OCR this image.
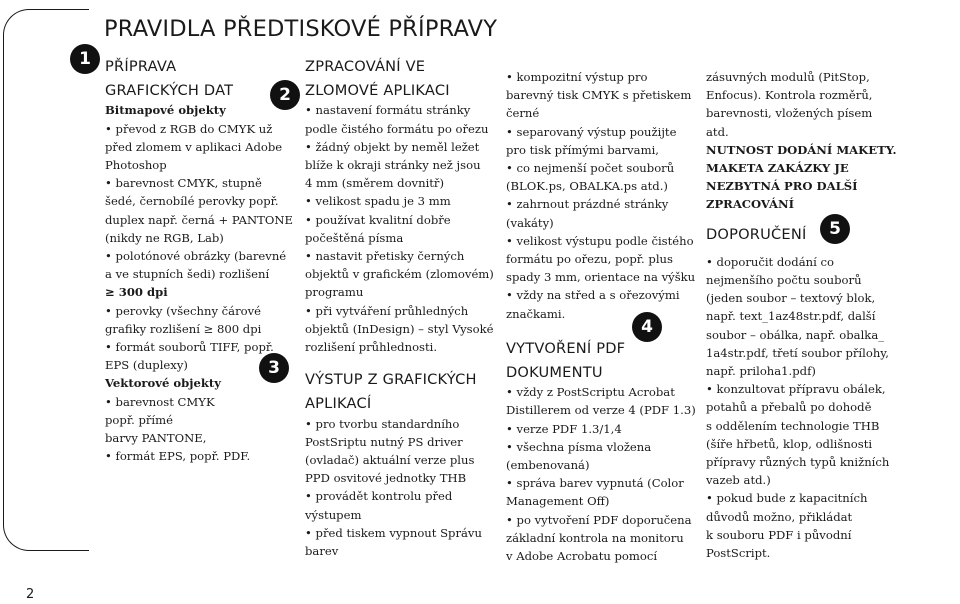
PRAVIDLA PŘEDTISKOVÉ PŘÍPRAVY
1
2
3
4
5
PŘÍPRAVA
GRAFICKÝCH DAT
Bitmapové objekty
• převod z RGB do CMYK už
před zlomem v aplikaci Adobe
Photoshop
• barevnost CMYK, stupně
šedé, černobílé perovky popř.
duplex např. černá + PANTONE
(nikdy ne RGB, Lab)
• polotónové obrázky (barevné
a ve stupních šedi) rozlišení
≥ 300 dpi
• perovky (všechny čárové
grafiky rozlišení ≥ 800 dpi
• formát souborů TIFF, popř.
EPS (duplexy)
Vektorové objekty
• barevnost CMYK
popř. přímé
barvy PANTONE,
• formát EPS, popř. PDF.
ZPRACOVÁNÍ VE
ZLOMOVÉ APLIKACI
• nastavení formátu stránky
podle čistého formátu po ořezu
• žádný objekt by neměl ležet
blíže k okraji stránky než jsou
4 mm (směrem dovnitř)
• velikost spadu je 3 mm
• používat kvalitní dobře
počeštěná písma
• nastavit přetisky černých
objektů v grafickém (zlomovém)
programu
• při vytváření průhledných
objektů (InDesign) – styl Vysoké
rozlišení průhlednosti.
VÝSTUP Z GRAFICKÝCH
APLIKACÍ
• pro tvorbu standardního
PostSriptu nutný PS driver
(ovladač) aktuální verze plus
PPD osvitové jednotky THB
• provádět kontrolu před
výstupem
• před tiskem vypnout Správu
barev
• kompozitní výstup pro
barevný tisk CMYK s přetiskem
černé
• separovaný výstup použijte
pro tisk přímými barvami,
• co nejmenší počet souborů
(BLOK.ps, OBALKA.ps atd.)
• zahrnout prázdné stránky
(vakáty)
• velikost výstupu podle čistého
formátu po ořezu, popř. plus
spady 3 mm, orientace na výšku
• vždy na střed a s ořezovými
značkami.
VYTVOŘENÍ PDF
DOKUMENTU
• vždy z PostScriptu Acrobat
Distillerem od verze 4 (PDF 1.3)
• verze PDF 1.3/1,4
• všechna písma vložena
(embenovaná)
• správa barev vypnutá (Color
Management Off)
• po vytvoření PDF doporučena
základní kontrola na monitoru
v Adobe Acrobatu pomocí
zásuvných modulů (PitStop,
Enfocus). Kontrola rozměrů,
barevnosti, vložených písem
atd.
NUTNOST DODÁNÍ MAKETY.
MAKETA ZAKÁZKY JE
NEZBYTNÁ PRO DALŠÍ
ZPRACOVÁNÍ
DOPORUČENÍ
• doporučit dodání co
nejmenšího počtu souborů
(jeden soubor – textový blok,
např. text_1az48str.pdf, další
soubor – obálka, např. obalka_
1a4str.pdf, třetí soubor přílohy,
např. priloha1.pdf)
• konzultovat přípravu obálek,
potahů a přebalů po dohodě
s oddělením technologie THB
(šíře hřbetů, klop, odlišnosti
přípravy různých typů knižních
vazeb atd.)
• pokud bude z kapacitních
důvodů možno, přikládat
k souboru PDF i původní
PostScript.
2
